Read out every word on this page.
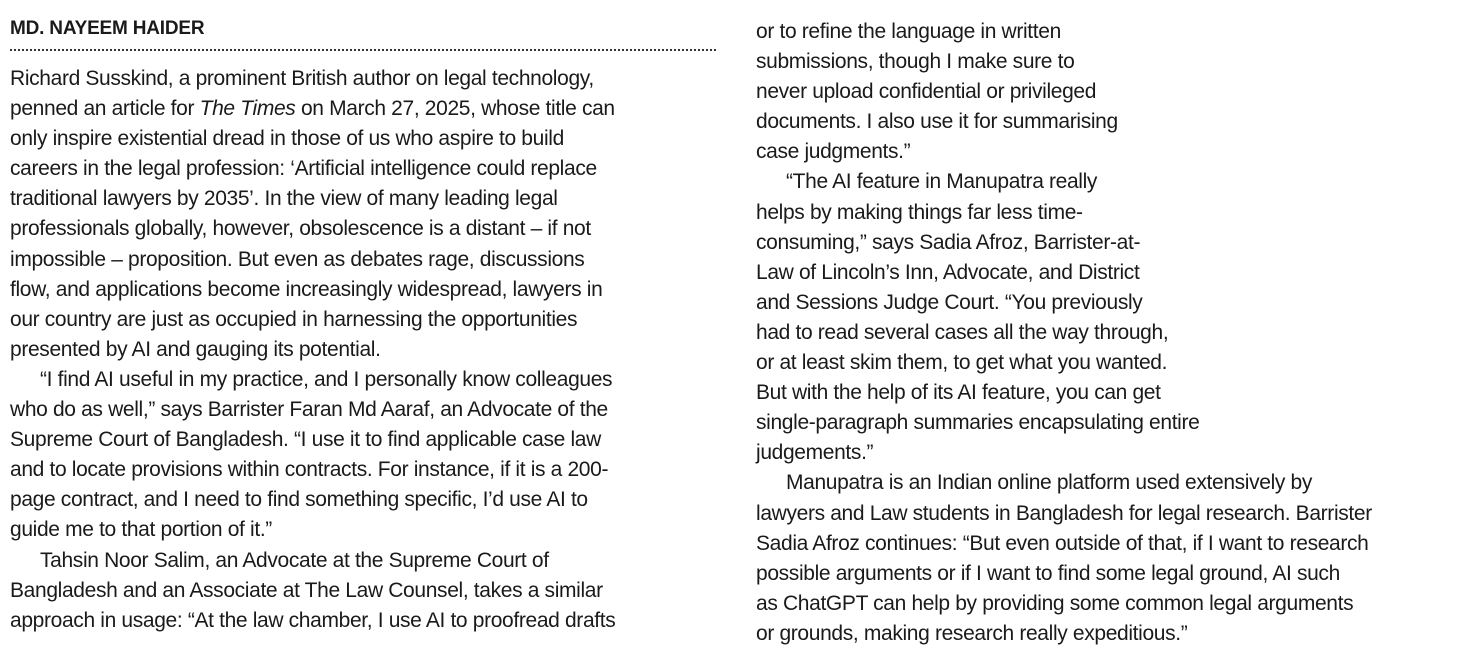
MD. NAYEEM HAIDER
Richard Susskind, a prominent British author on legal technology,
penned an article for The Times on March 27, 2025, whose title can
only inspire existential dread in those of us who aspire to build
careers in the legal profession: ‘Artificial intelligence could replace
traditional lawyers by 2035’. In the view of many leading legal
professionals globally, however, obsolescence is a distant – if not
impossible – proposition. But even as debates rage, discussions
flow, and applications become increasingly widespread, lawyers in
our country are just as occupied in harnessing the opportunities
presented by AI and gauging its potential.
“I find AI useful in my practice, and I personally know colleagues
who do as well,” says Barrister Faran Md Aaraf, an Advocate of the
Supreme Court of Bangladesh. “I use it to find applicable case law
and to locate provisions within contracts. For instance, if it is a 200-
page contract, and I need to find something specific, I’d use AI to
guide me to that portion of it.”
Tahsin Noor Salim, an Advocate at the Supreme Court of
Bangladesh and an Associate at The Law Counsel, takes a similar
approach in usage: “At the law chamber, I use AI to proofread drafts
or to refine the language in written
submissions, though I make sure to
never upload confidential or privileged
documents. I also use it for summarising
case judgments.”
“The AI feature in Manupatra really
helps by making things far less time-
consuming,” says Sadia Afroz, Barrister-at-
Law of Lincoln’s Inn, Advocate, and District
and Sessions Judge Court. “You previously
had to read several cases all the way through,
or at least skim them, to get what you wanted.
But with the help of its AI feature, you can get
single-paragraph summaries encapsulating entire
judgements.”
Manupatra is an Indian online platform used extensively by
lawyers and Law students in Bangladesh for legal research. Barrister
Sadia Afroz continues: “But even outside of that, if I want to research
possible arguments or if I want to find some legal ground, AI such
as ChatGPT can help by providing some common legal arguments
or grounds, making research really expeditious.”
